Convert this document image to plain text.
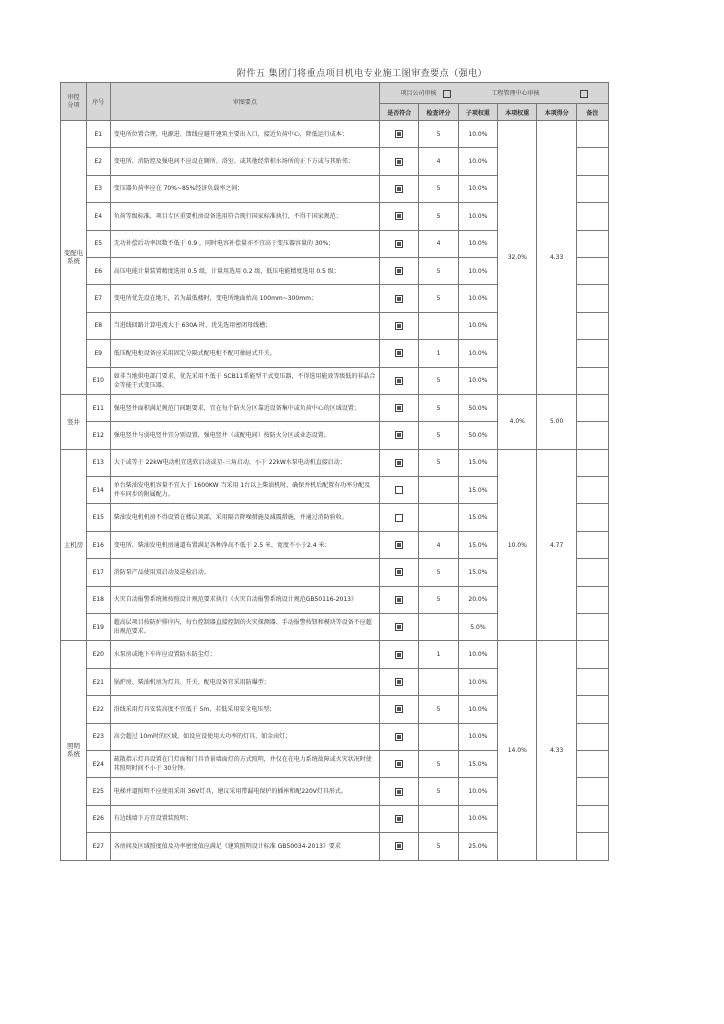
附件五 集团门将重点项目机电专业施工图审查要点（强电）
审控
分项	序号	审图要点	项目公司审核 工程管理中心审核					

			是否符合	检查评分	子项权重	本项权重	本项得分	备注
变配电
系统	E1	变电所位置合理，电源进、馈线应避开建筑主要出入口，接近负荷中心，降低运行成本；		5	10.0%	32.0%	4.33	
	E2	变电所、消防控及强电间不应设在厕所、浴室、或其他经常积水场所的正下方或与其贴邻；		4	10.0%			
	E3	变压器负荷率应在 70%~85%经济负载率之间；		5	10.0%			
	E4	负荷等级标准，项目专区重要机房设备选用符合现行国家标准执行，不得干国家规范；		5	10.0%			
	E5	无功补偿后功率因数不低于 0.9 ，同时电容补偿量亦不宜高于变压器容量的 30%；		4	10.0%			
	E6	高压电能计量装置精度选用 0.5 级，计量用选用 0.2 级，低压电能精度选用 0.5 级；		5	10.0%			
	E7	变电所优先设在地下，若为最低楼时，变电所地面抬高 100mm~300mm；		5	10.0%			
	E8	当进线回路计算电流大于 630A 时，优先选用密闭母线槽；			10.0%			
	E9	低压配电柜设备应采用固定分隔式配电柜不配可抽屉式开关。		1	10.0%			
	E10	如非当地供电部门要求，优先采用不低于 SCB11系能型干式变压器，不得选用能效等级低的非晶合金等能干式变压器。		5	10.0%			
竖井	E11	强电竖井面积满足规范门间距要求，宜在每个防火分区靠近设备集中或负荷中心的区域设置；		5	50.0%	4.0%	5.00	
	E12	强电竖井与弱电竖井宜分别设置，强电竖井（或配电间）按防火分区或业态设置。		5	50.0%			
主机房	E13	大于或等于 22kW电动机宜选软启动或星-三角启动，小于 22kW水泵电动机直接启动；		5	15.0%	10.0%	4.77	
	E14	单台柴油发电机容量不宜大于 1600KW 当采用 1台以上柴油机时，确保并机后配置有功率分配及并车同步的附属配力。			15.0%			
	E15	柴油发电机机房不得设置在楼层顶部，采用隔音降噪措施及减震措施，并通过消防验收。			15.0%			
	E16	变电所、柴油发电机房通道布置满足各种净高不低于 2.5 米，宽度不小于2.4 米；		4	15.0%			
	E17	消防泵产品使用双启动及巡检启动。		5	15.0%			
	E18	火灾自动报警系统须按照设计规范要求执行《火灾自动报警系统设计规范GB50116-2013》		5	20.0%			
	E19	超高层项目按防护排序内，每台控制器直接控制的火灾探测器、手动报警按钮和模块等设备不应超出规范要求。			5.0%			
照明
系统	E20	水泵房或地下车库应设置防水防尘灯；		1	10.0%	14.0%	4.33	
	E21	锅炉房、柴油机房为灯具、开关、配电设备宜采用防爆型；			10.0%			
	E22	沿线采用灯具安装高度不宜低于 5m，若低采用安全电压型；		5	10.0%			
	E23	高会超过 10m时的区域，如设应设使用大功率的灯具，如金卤灯；			10.0%			
	E24	疏散指示灯具设置在门灯面和门具背景墙面灯的方式照明，并仅在在电力系统故障或火灾状况时使其照明时间不小于 30分钟。		5	15.0%			
	E25	电梯并道照明不应使用采用 36V灯具，建议采用带漏电保护的插座和配220V灯具形式。		5	10.0%			
	E26	有边线墙下方宜设置装照明；			10.0%			
	E27	各房间及区域照度值及功率密度值应满足《建筑照明设计标准 GB50034-2013》要求		5	25.0%			
